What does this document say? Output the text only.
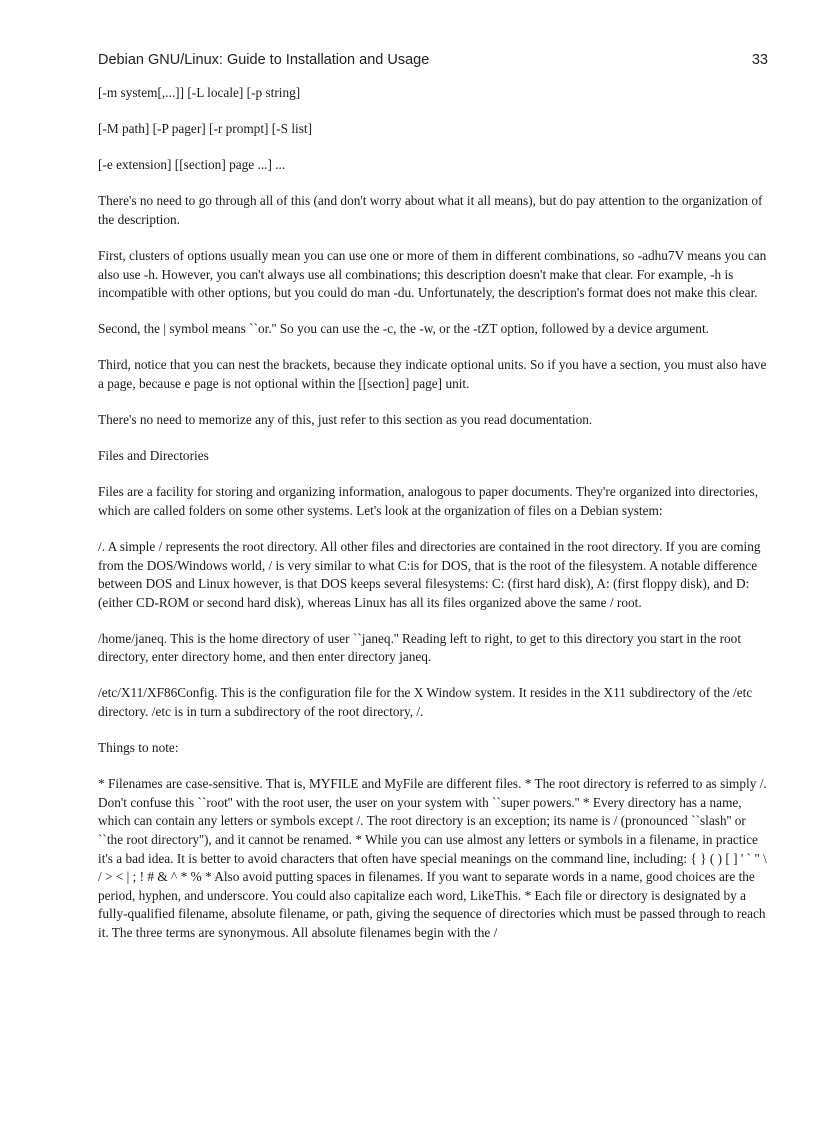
Debian GNU/Linux: Guide to Installation and Usage	33

[-m system[,...]] [-L locale] [-p string]

[-M path] [-P pager] [-r prompt] [-S list]

[-e extension] [[section] page ...] ...

There's no need to go through all of this (and don't worry about what it all means), but do pay attention to the organization of the description.

First, clusters of options usually mean you can use one or more of them in different combinations, so -adhu7V means you can also use -h. However, you can't always use all combinations; this description doesn't make that clear. For example, -h is incompatible with other options, but you could do man -du. Unfortunately, the description's format does not make this clear.

Second, the | symbol means ``or.'' So you can use the -c, the -w, or the -tZT option, followed by a device argument.

Third, notice that you can nest the brackets, because they indicate optional units. So if you have a section, you must also have a page, because e page is not optional within the [[section] page] unit.

There's no need to memorize any of this, just refer to this section as you read documentation.

Files and Directories

Files are a facility for storing and organizing information, analogous to paper documents. They're organized into directories, which are called folders on some other systems. Let's look at the organization of files on a Debian system:

/. A simple / represents the root directory. All other files and directories are contained in the root directory. If you are coming from the DOS/Windows world, / is very similar to what C:is for DOS, that is the root of the filesystem. A notable difference between DOS and Linux however, is that DOS keeps several filesystems: C: (first hard disk), A: (first floppy disk), and D: (either CD-ROM or second hard disk), whereas Linux has all its files organized above the same / root.

/home/janeq. This is the home directory of user ``janeq.'' Reading left to right, to get to this directory you start in the root directory, enter directory home, and then enter directory janeq.

/etc/X11/XF86Config. This is the configuration file for the X Window system. It resides in the X11 subdirectory of the /etc directory. /etc is in turn a subdirectory of the root directory, /.

Things to note:

* Filenames are case-sensitive. That is, MYFILE and MyFile are different files. * The root directory is referred to as simply /. Don't confuse this ``root'' with the root user, the user on your system with ``super powers.'' * Every directory has a name, which can contain any letters or symbols except /. The root directory is an exception; its name is / (pronounced ``slash'' or ``the root directory''), and it cannot be renamed. * While you can use almost any letters or symbols in a filename, in practice it's a bad idea. It is better to avoid characters that often have special meanings on the command line, including: { } ( ) [ ] ' ` " \ / > < | ; ! # & ^ * % * Also avoid putting spaces in filenames. If you want to separate words in a name, good choices are the period, hyphen, and underscore. You could also capitalize each word, LikeThis. * Each file or directory is designated by a fully-qualified filename, absolute filename, or path, giving the sequence of directories which must be passed through to reach it. The three terms are synonymous. All absolute filenames begin with the /
